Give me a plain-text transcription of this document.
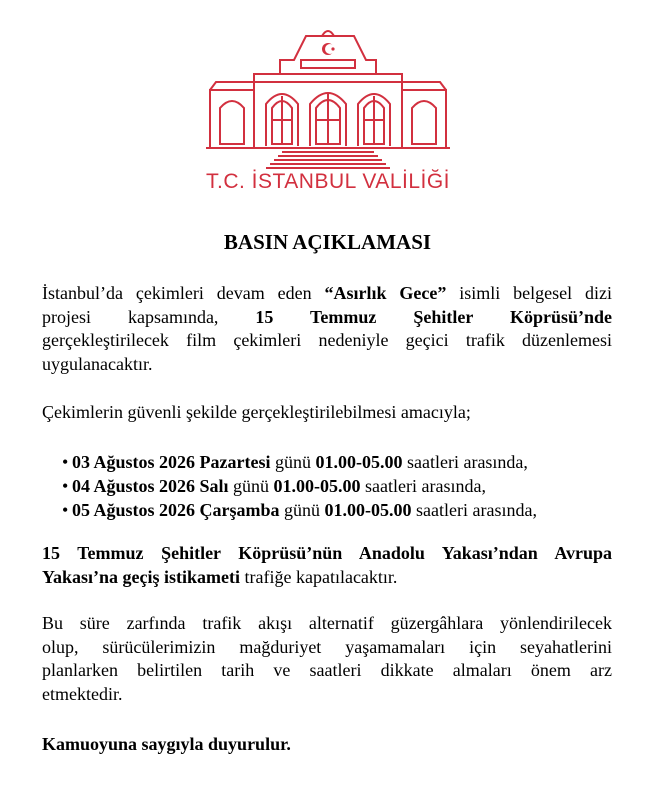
T.C. İSTANBUL VALİLİĞİ
BASIN AÇIKLAMASI
İstanbul’da çekimleri devam eden “Asırlık Gece” isimli belgesel dizi
projesi kapsamında, 15 Temmuz Şehitler Köprüsü’nde
gerçekleştirilecek film çekimleri nedeniyle geçici trafik düzenlemesi
uygulanacaktır.
Çekimlerin güvenli şekilde gerçekleştirilebilmesi amacıyla;
• 03 Ağustos 2026 Pazartesi günü 01.00-05.00 saatleri arasında,
• 04 Ağustos 2026 Salı günü 01.00-05.00 saatleri arasında,
• 05 Ağustos 2026 Çarşamba günü 01.00-05.00 saatleri arasında,
15 Temmuz Şehitler Köprüsü’nün Anadolu Yakası’ndan Avrupa
Yakası’na geçiş istikameti trafiğe kapatılacaktır.
Bu süre zarfında trafik akışı alternatif güzergâhlara yönlendirilecek
olup, sürücülerimizin mağduriyet yaşamamaları için seyahatlerini
planlarken belirtilen tarih ve saatleri dikkate almaları önem arz
etmektedir.
Kamuoyuna saygıyla duyurulur.
